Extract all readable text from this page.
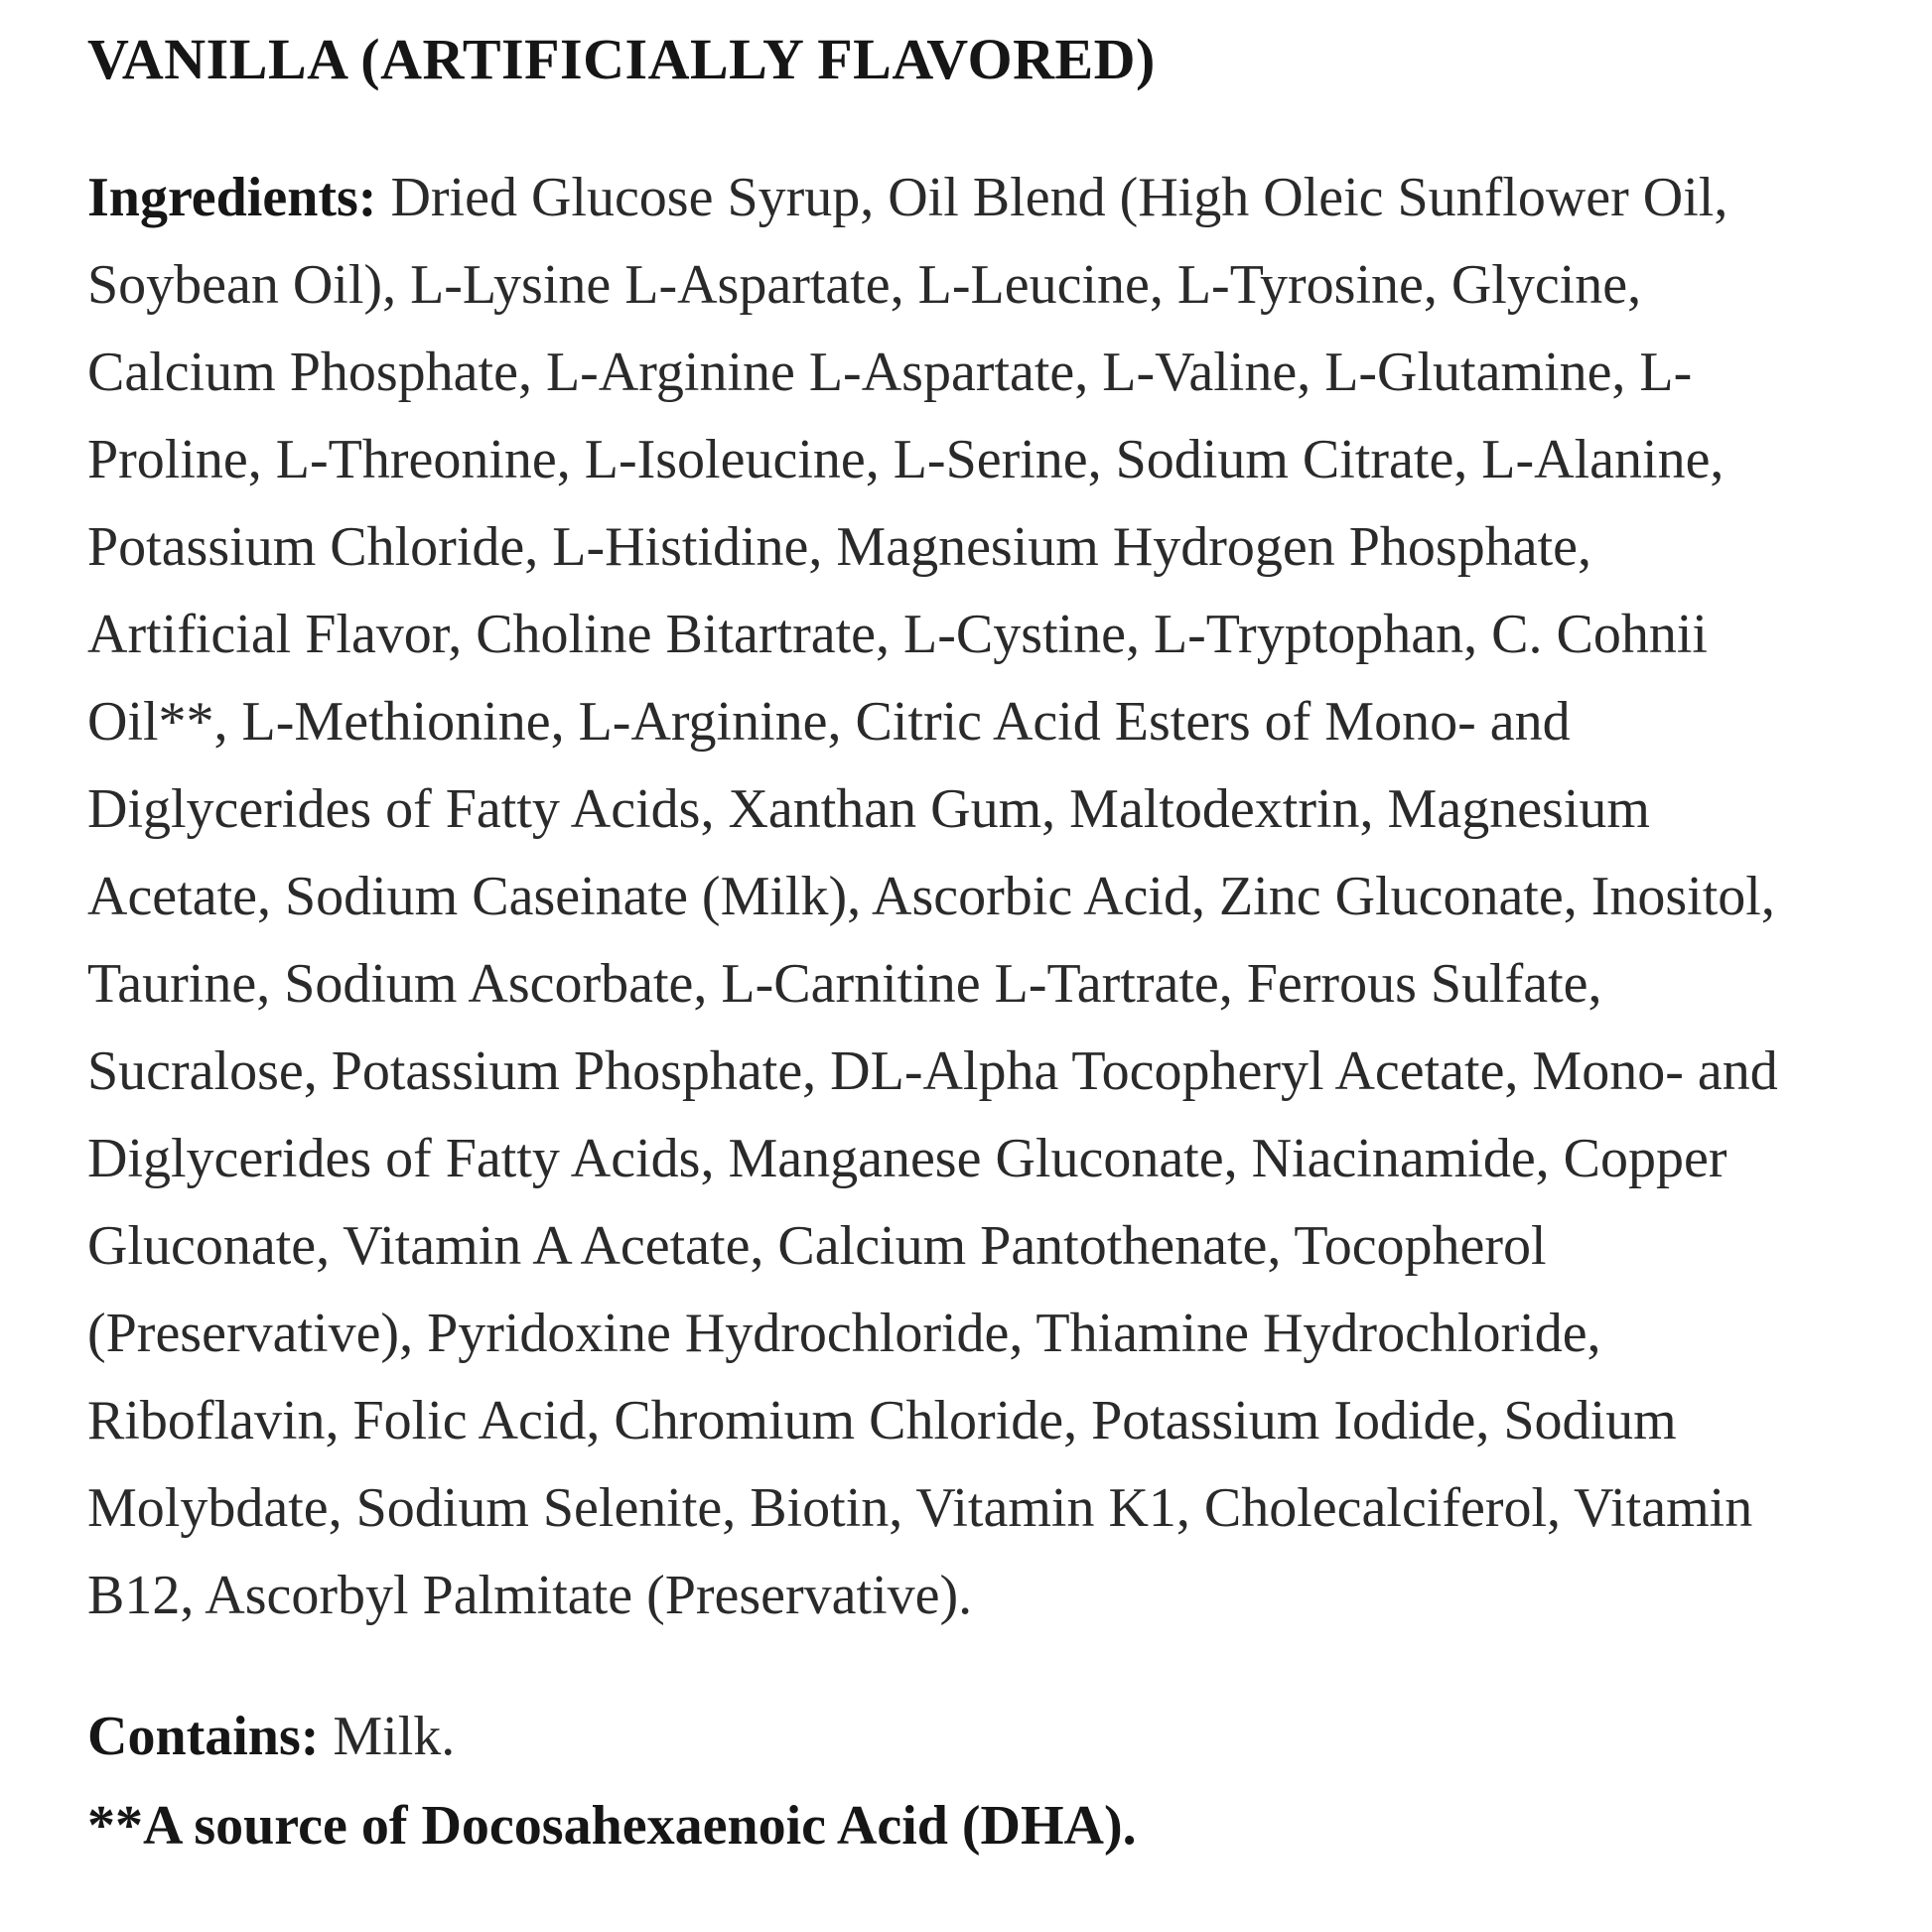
VANILLA (ARTIFICIALLY FLAVORED)

Ingredients: Dried Glucose Syrup, Oil Blend (High Oleic Sunflower Oil, Soybean Oil), L-Lysine L-Aspartate, L-Leucine, L-Tyrosine, Glycine, Calcium Phosphate, L-Arginine L-Aspartate, L-Valine, L-Glutamine, L-Proline, L-Threonine, L-Isoleucine, L-Serine, Sodium Citrate, L-Alanine, Potassium Chloride, L-Histidine, Magnesium Hydrogen Phosphate, Artificial Flavor, Choline Bitartrate, L-Cystine, L-Tryptophan, C. Cohnii Oil**, L-Methionine, L-Arginine, Citric Acid Esters of Mono- and Diglycerides of Fatty Acids, Xanthan Gum, Maltodextrin, Magnesium Acetate, Sodium Caseinate (Milk), Ascorbic Acid, Zinc Gluconate, Inositol, Taurine, Sodium Ascorbate, L-Carnitine L-Tartrate, Ferrous Sulfate, Sucralose, Potassium Phosphate, DL-Alpha Tocopheryl Acetate, Mono- and Diglycerides of Fatty Acids, Manganese Gluconate, Niacinamide, Copper Gluconate, Vitamin A Acetate, Calcium Pantothenate, Tocopherol (Preservative), Pyridoxine Hydrochloride, Thiamine Hydrochloride, Riboflavin, Folic Acid, Chromium Chloride, Potassium Iodide, Sodium Molybdate, Sodium Selenite, Biotin, Vitamin K1, Cholecalciferol, Vitamin B12, Ascorbyl Palmitate (Preservative).

Contains: Milk.

**A source of Docosahexaenoic Acid (DHA).
